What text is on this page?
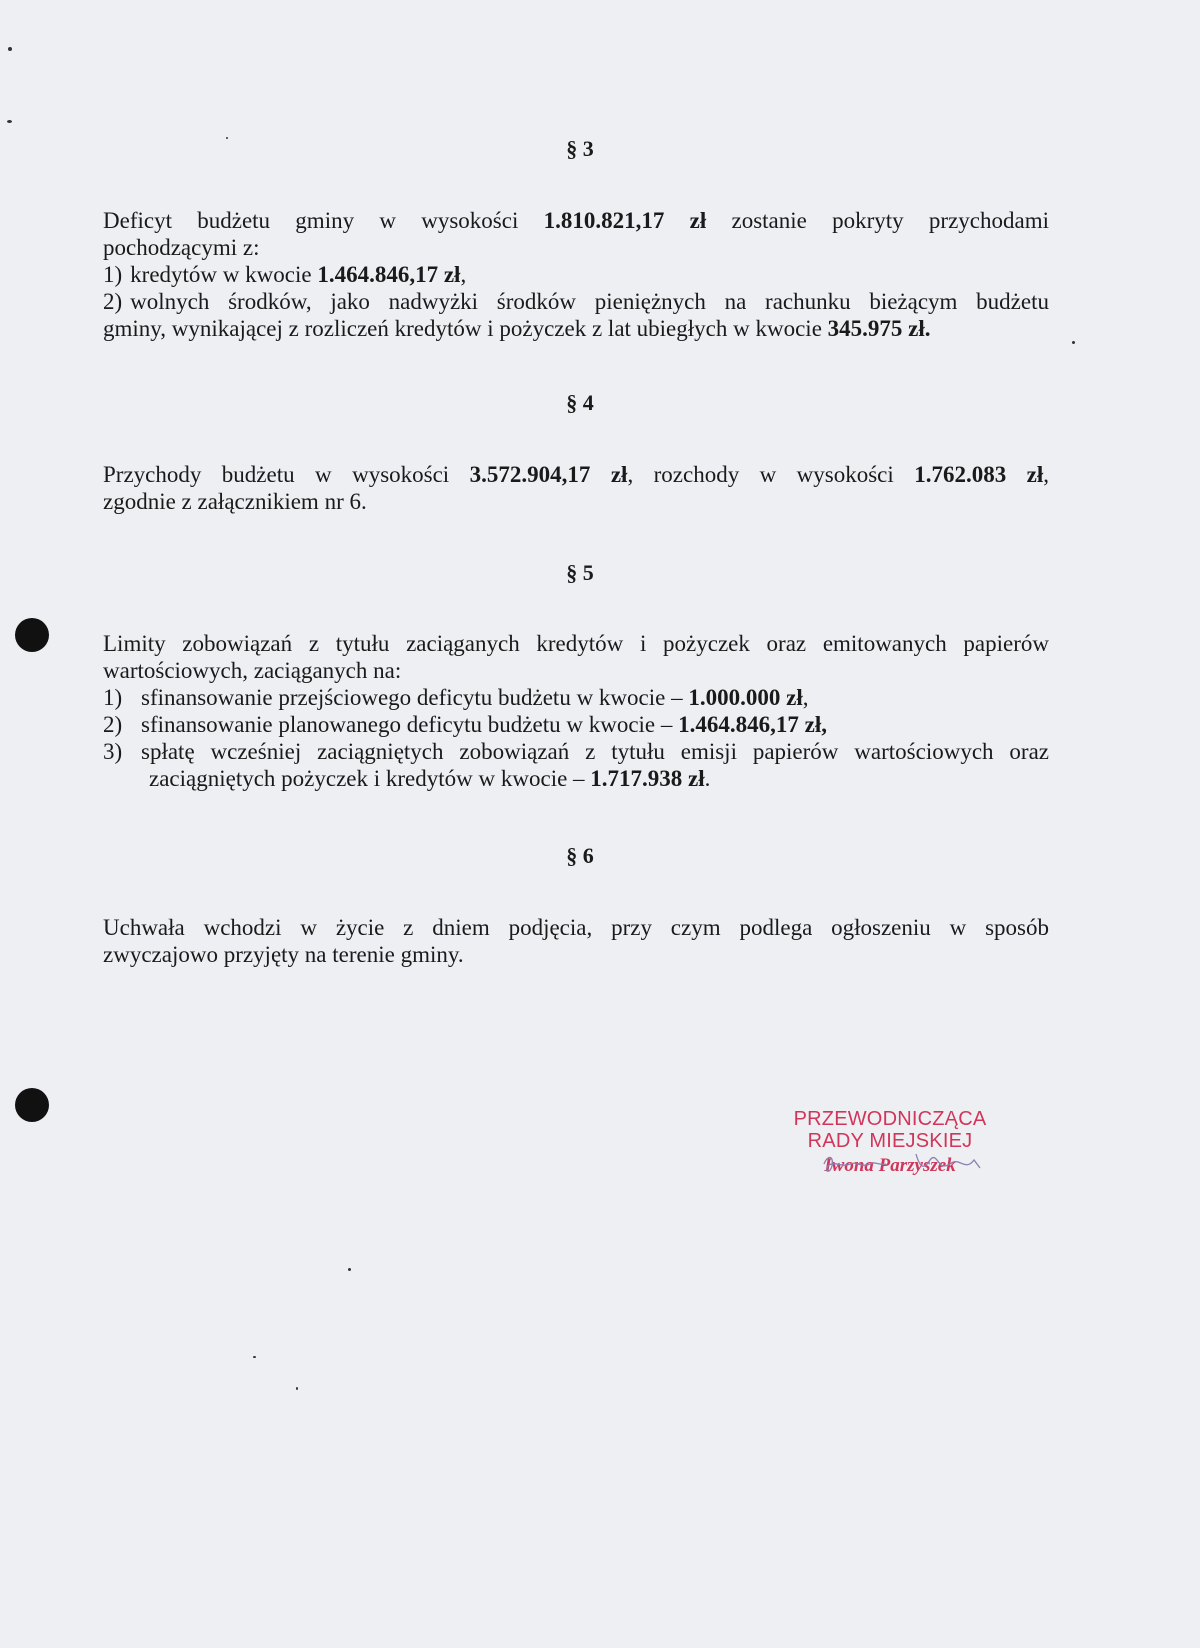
§ 3
Deficyt budżetu gminy w wysokości 1.810.821,17 zł zostanie pokryty przychodami
pochodzącymi z:
1) kredytów w kwocie 1.464.846,17 zł,
2) wolnych środków, jako nadwyżki środków pieniężnych na rachunku bieżącym budżetu
gminy, wynikającej z rozliczeń kredytów i pożyczek z lat ubiegłych w kwocie 345.975 zł.
§ 4
Przychody budżetu w wysokości 3.572.904,17 zł, rozchody w wysokości 1.762.083 zł,
zgodnie z załącznikiem nr 6.
§ 5
Limity zobowiązań z tytułu zaciąganych kredytów i pożyczek oraz emitowanych papierów
wartościowych, zaciąganych na:
1) sfinansowanie przejściowego deficytu budżetu w kwocie – 1.000.000 zł,
2) sfinansowanie planowanego deficytu budżetu w kwocie – 1.464.846,17 zł,
3) spłatę wcześniej zaciągniętych zobowiązań z tytułu emisji papierów wartościowych oraz
zaciągniętych pożyczek i kredytów w kwocie – 1.717.938 zł.
§ 6
Uchwała wchodzi w życie z dniem podjęcia, przy czym podlega ogłoszeniu w sposób
zwyczajowo przyjęty na terenie gminy.
PRZEWODNICZĄCA
RADY MIEJSKIEJ
Iwona Parzyszek
